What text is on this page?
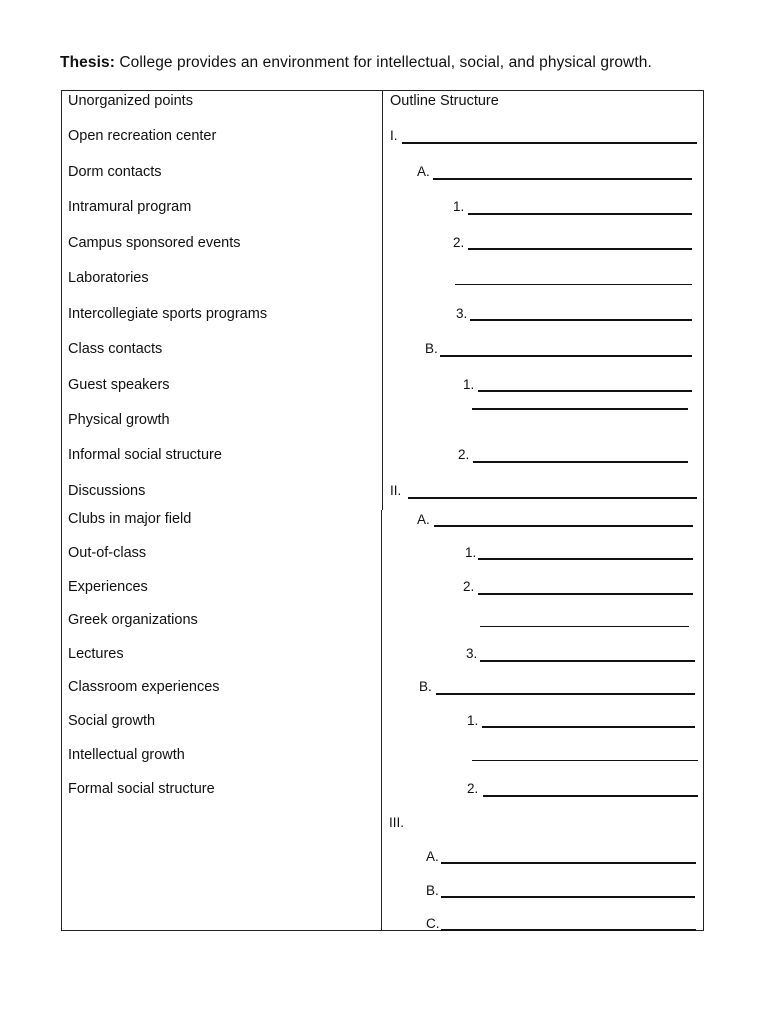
Thesis: College provides an environment for intellectual, social, and physical growth.
Unorganized points	Outline Structure
Open recreation center
Dorm contacts
Intramural program
Campus sponsored events
Laboratories
Intercollegiate sports programs
Class contacts
Guest speakers
Physical growth
Informal social structure
Discussions
Clubs in major field
Out-of-class
Experiences
Greek organizations
Lectures
Classroom experiences
Social growth
Intellectual growth
Formal social structure
I.
A.
1.
2.
3.
B.
1.
2.
II.
A.
1.
2.
3.
B.
1.
2.
III.
A.
B.
C.
